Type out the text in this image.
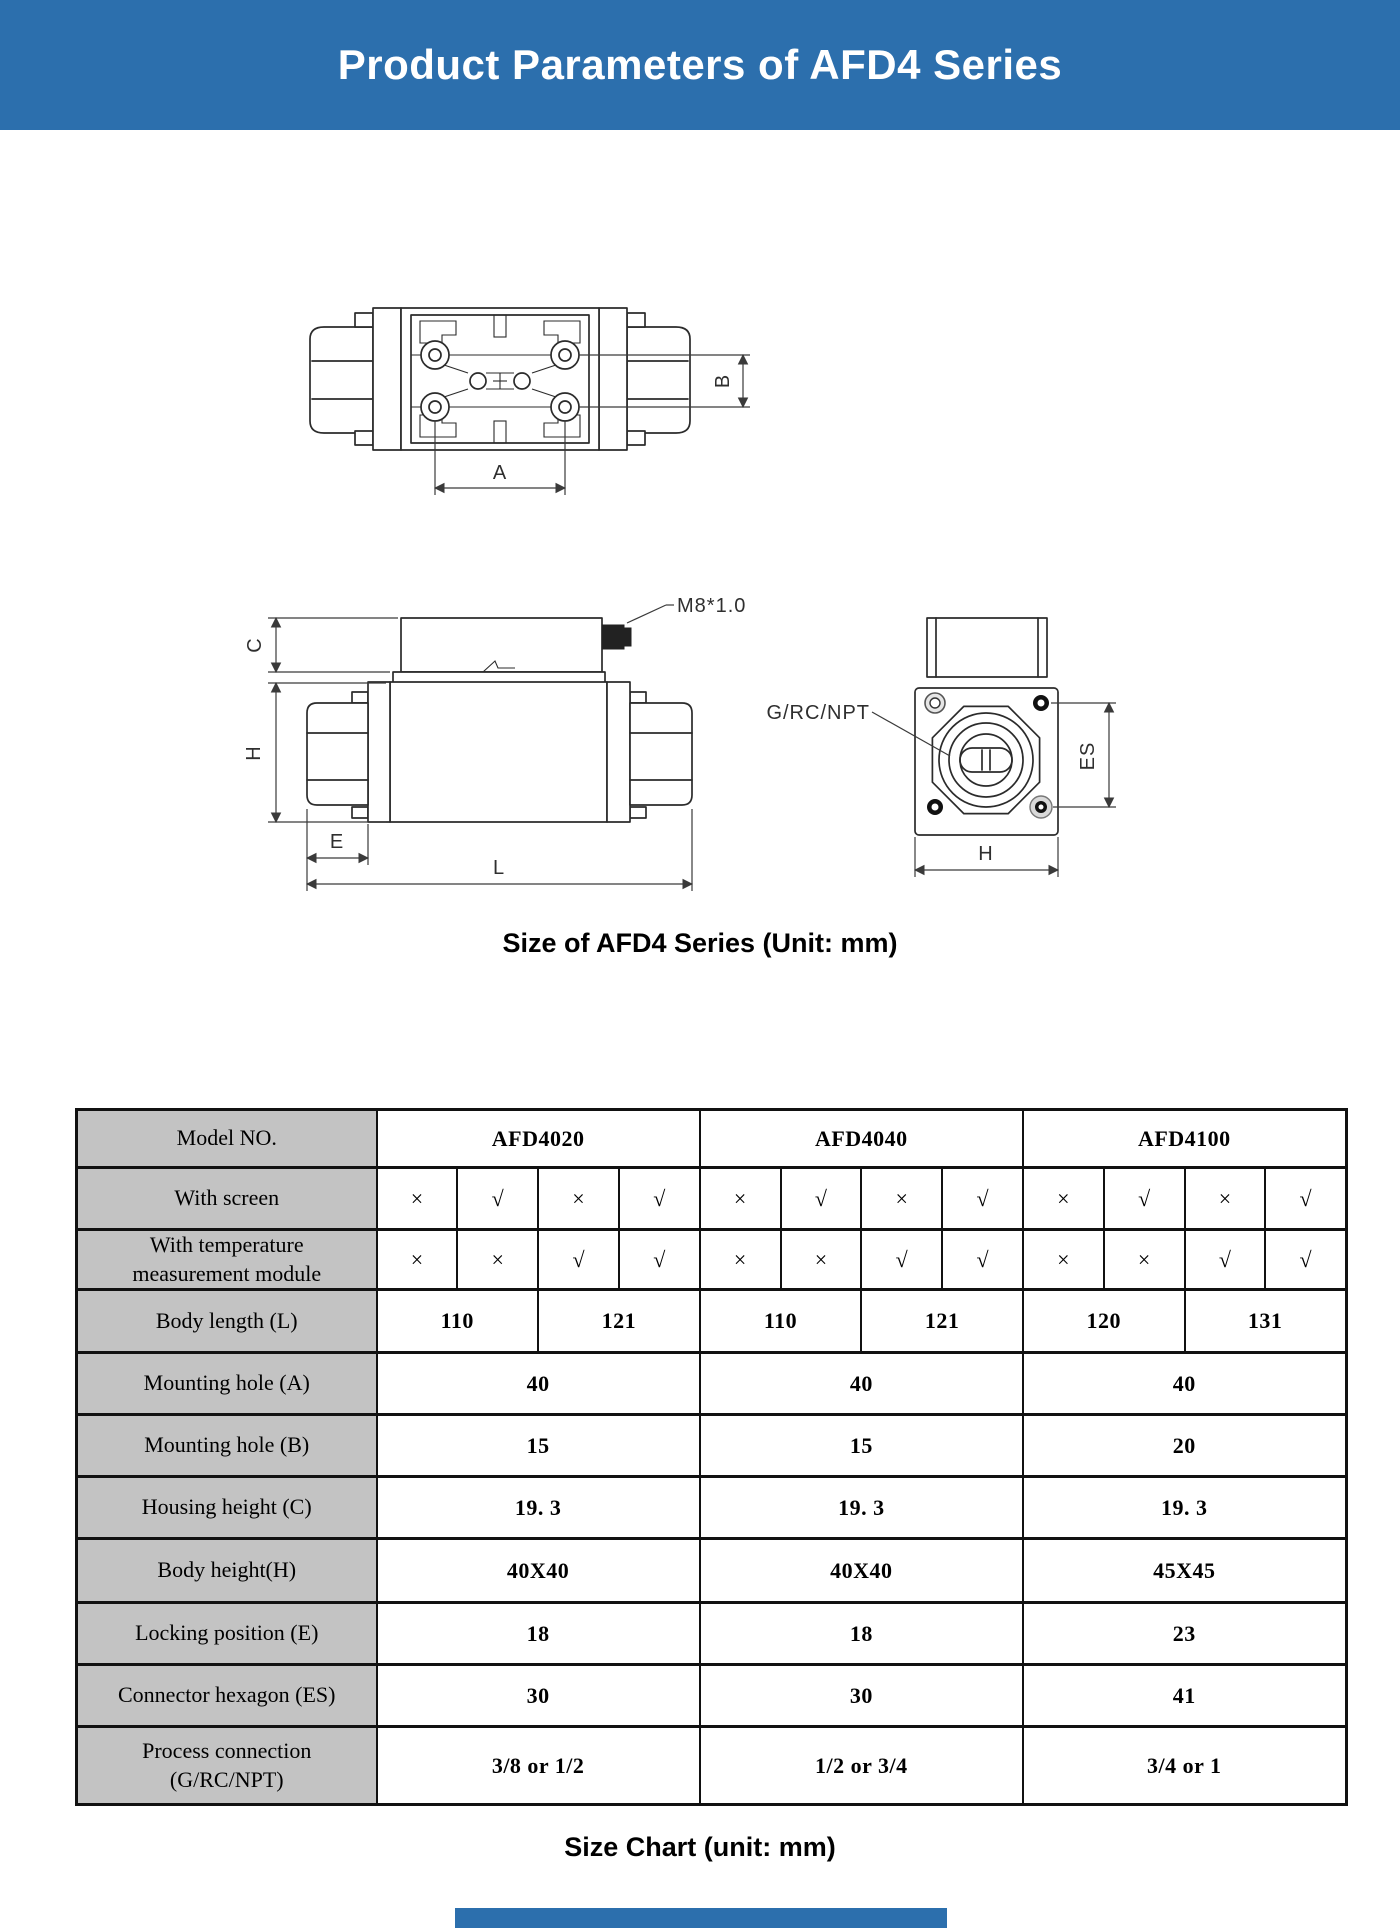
Product Parameters of AFD4 Series
A
B
M8*1.0
C
H
E
L
G/RC/NPT
ES
H

Size of AFD4 Series (Unit: mm)

Model NO.	AFD4020				AFD4040				AFD4100			
With screen	×	√	×	√	×	√	×	√	×	√	×	√
With temperature measurement module	×	×	√	√	×	×	√	√	×	×	√	√
Body length (L)	110		121		110		121		120		131	
Mounting hole (A)	40				40				40			
Mounting hole (B)	15				15				20			
Housing height (C)	19. 3				19. 3				19. 3			
Body height(H)	40X40				40X40				45X45			
Locking position (E)	18				18				23			
Connector hexagon (ES)	30				30				41			
Process connection (G/RC/NPT)	3/8 or 1/2				1/2 or 3/4				3/4 or 1			

Size Chart (unit: mm)
